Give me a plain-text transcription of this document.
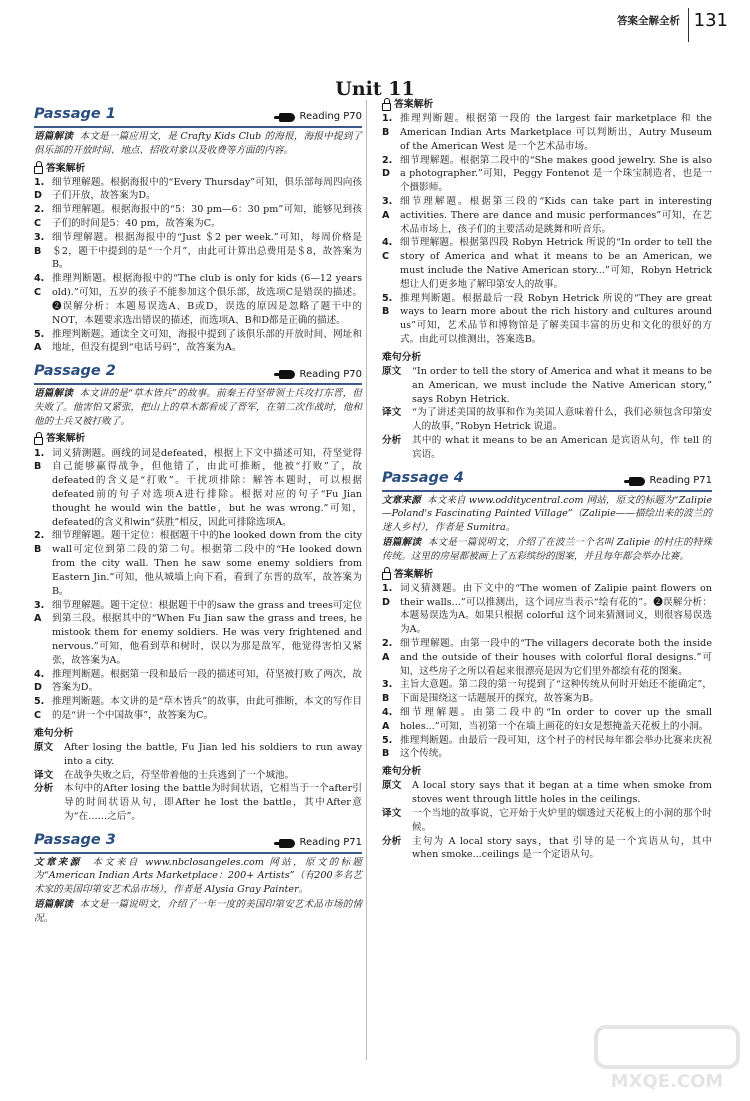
答案全解全析 131
Unit 11
Passage 1	Reading P70
语篇解读 本文是一篇应用文，是 Crafty Kids Club 的海报，海报中提到了俱乐部的开放时间、地点、招收对象以及收费等方面的内容。
答案解析
1. D
细节理解题。根据海报中的“Every Thursday”可知，俱乐部每周四向孩子们开放，故答案为D。
2. C
细节理解题。根据海报中的“5：30 pm—6：30 pm”可知，能够见到孩子们的时间是5：40 pm，故答案为C。
3. B
细节理解题。根据海报中的“Just ＄2 per week.”可知，每周价格是＄2，题干中提到的是“一个月”，由此可计算出总费用是＄8，故答案为B。
4. C
推理判断题。根据海报中的“The club is only for kids (6—12 years old).”可知，五岁的孩子不能参加这个俱乐部，故选项C是错误的描述。❷误解分析：本题易误选A、B或D，误选的原因是忽略了题干中的NOT，本题要求选出错误的描述，而选项A、B和D都是正确的描述。
5. A
推理判断题。通读全文可知，海报中提到了该俱乐部的开放时间、网址和地址，但没有提到“电话号码”，故答案为A。
Passage 2	Reading P70
语篇解读 本文讲的是“草木皆兵”的故事。前秦王苻坚带领士兵攻打东晋，但失败了。他害怕又紧张，把山上的草木都看成了晋军，在第二次作战时，他和他的士兵又被打败了。
答案解析
1. B
词义猜测题。画线的词是defeated，根据上下文中描述可知，苻坚觉得自己能够赢得战争，但他错了，由此可推断，他被“打败”了，故defeated的含义是“打败”。干扰项排除：解答本题时，可以根据defeated前的句子对选项A进行排除。根据对应的句子“Fu Jian thought he would win the battle，but he was wrong.”可知，defeated的含义和win“获胜”相反，因此可排除选项A。
2. B
细节理解题。题干定位：根据题干中的he looked down from the city wall可定位到第二段的第二句。根据第二段中的“He looked down from the city wall. Then he saw some enemy soldiers from Eastern Jin.”可知，他从城墙上向下看，看到了东晋的敌军，故答案为B。
3. A
细节理解题。题干定位：根据题干中的saw the grass and trees可定位到第三段。根据其中的“When Fu Jian saw the grass and trees, he mistook them for enemy soldiers. He was very frightened and nervous.”可知，他看到草和树时，误以为那是敌军，他觉得害怕又紧张，故答案为A。
4. D
推理判断题。根据第一段和最后一段的描述可知，苻坚被打败了两次，故答案为D。
5. C
推理判断题。本文讲的是“草木皆兵”的故事，由此可推断，本文的写作目的是“讲一个中国故事”，故答案为C。
难句分析
原文	After losing the battle, Fu Jian led his soldiers to run away into a city.
译文	在战争失败之后，苻坚带着他的士兵逃到了一个城池。
分析	本句中的After losing the battle为时间状语，它相当于一个after引导的时间状语从句，即After he lost the battle，其中After意为“在……之后”。
Passage 3	Reading P71
文章来源 本文来自 www.nbclosangeles.com 网站，原文的标题为“American Indian Arts Marketplace：200+ Artists”（有200多名艺术家的美国印第安艺术品市场），作者是 Alysia Gray Painter。
语篇解读 本文是一篇说明文，介绍了一年一度的美国印第安艺术品市场的情况。
答案解析
1. B
推理判断题。根据第一段的 the largest fair marketplace 和 the American Indian Arts Marketplace 可以判断出，Autry Museum of the American West 是一个艺术品市场。
2. D
细节理解题。根据第二段中的“She makes good jewelry. She is also a photographer.”可知，Peggy Fontenot 是一个珠宝制造者，也是一个摄影师。
3. A
细节理解题。根据第三段的“Kids can take part in interesting activities. There are dance and music performances”可知，在艺术品市场上，孩子们的主要活动是跳舞和听音乐。
4. C
细节理解题。根据第四段 Robyn Hetrick 所说的“In order to tell the story of America and what it means to be an American, we must include the Native American story...”可知，Robyn Hetrick 想让人们更多地了解印第安人的故事。
5. B
推理判断题。根据最后一段 Robyn Hetrick 所说的“They are great ways to learn more about the rich history and cultures around us”可知，艺术品节和博物馆是了解美国丰富的历史和文化的很好的方式。由此可以推测出，答案选B。
难句分析
原文	“In order to tell the story of America and what it means to be an American, we must include the Native American story,” says Robyn Hetrick.
译文	“为了讲述美国的故事和作为美国人意味着什么，我们必须包含印第安人的故事，”Robyn Hetrick 说道。
分析	其中的 what it means to be an American 是宾语从句，作 tell 的宾语。
Passage 4	Reading P71
文章来源 本文来自 www.odditycentral.com 网站，原文的标题为“Zalipie—Poland's Fascinating Painted Village”（Zalipie——描绘出来的波兰的迷人乡村），作者是 Sumitra。
语篇解读 本文是一篇说明文，介绍了在波兰一个名叫 Zalipie 的村庄的特殊传统。这里的房屋都被画上了五彩缤纷的图案，并且每年都会举办比赛。
答案解析
1. D
词义猜测题。由下文中的“The women of Zalipie paint flowers on their walls...”可以推测出，这个词应当表示“绘有花的”。❷误解分析：本题易误选为A。如果只根据 colorful 这个词来猜测词义，则很容易误选为A。
2. A
细节理解题。由第一段中的“The villagers decorate both the inside and the outside of their houses with colorful floral designs.”可知，这些房子之所以看起来很漂亮是因为它们里外都绘有花的图案。
3. B
主旨大意题。第二段的第一句提到了“这种传统从何时开始还不能确定”，下面是围绕这一话题展开的探究，故答案为B。
4. A
细节理解题。由第二段中的“In order to cover up the small holes...”可知，当初第一个在墙上画花的妇女是想掩盖天花板上的小洞。
5. B
推理判断题。由最后一段可知，这个村子的村民每年都会举办比赛来庆祝这个传统。
难句分析
原文	A local story says that it began at a time when smoke from stoves went through little holes in the ceilings.
译文	一个当地的故事说，它开始于火炉里的烟透过天花板上的小洞的那个时候。
分析	主句为 A local story says，that 引导的是一个宾语从句，其中 when smoke...ceilings 是一个定语从句。
MXQE.COM
